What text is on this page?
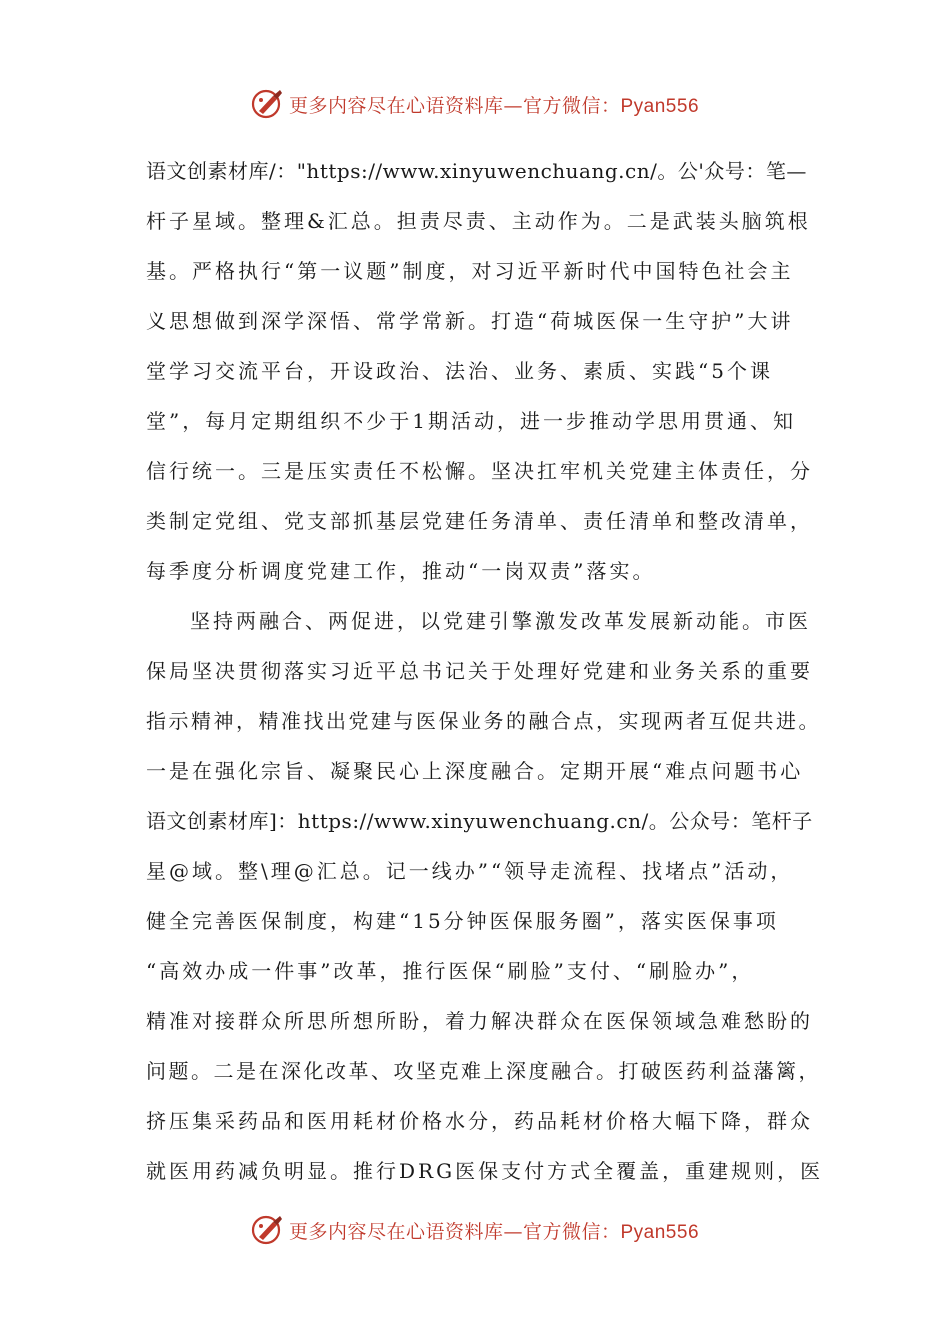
更多内容尽在心语资料库—官方微信：Pyan556
语文创素材库/："https://www.xinyuwenchuang.cn/。公'众号：笔—
杆子星域。整理&汇总。担责尽责、主动作为。二是武装头脑筑根
基。严格执行“第一议题”制度，对习近平新时代中国特色社会主
义思想做到深学深悟、常学常新。打造“荷城医保一生守护”大讲
堂学习交流平台，开设政治、法治、业务、素质、实践“5个课
堂”，每月定期组织不少于1期活动，进一步推动学思用贯通、知
信行统一。三是压实责任不松懈。坚决扛牢机关党建主体责任，分
类制定党组、党支部抓基层党建任务清单、责任清单和整改清单，
每季度分析调度党建工作，推动“一岗双责”落实。
坚持两融合、两促进，以党建引擎激发改革发展新动能。市医
保局坚决贯彻落实习近平总书记关于处理好党建和业务关系的重要
指示精神，精准找出党建与医保业务的融合点，实现两者互促共进。
一是在强化宗旨、凝聚民心上深度融合。定期开展“难点问题书心
语文创素材库]：https://www.xinyuwenchuang.cn/。公众号：笔杆子
星@域。整\理@汇总。记一线办”“领导走流程、找堵点”活动，
健全完善医保制度，构建“15分钟医保服务圈”，落实医保事项
“高效办成一件事”改革，推行医保“刷脸”支付、“刷脸办”，
精准对接群众所思所想所盼，着力解决群众在医保领域急难愁盼的
问题。二是在深化改革、攻坚克难上深度融合。打破医药利益藩篱，
挤压集采药品和医用耗材价格水分，药品耗材价格大幅下降，群众
就医用药减负明显。推行DRG医保支付方式全覆盖，重建规则，医
更多内容尽在心语资料库—官方微信：Pyan556
